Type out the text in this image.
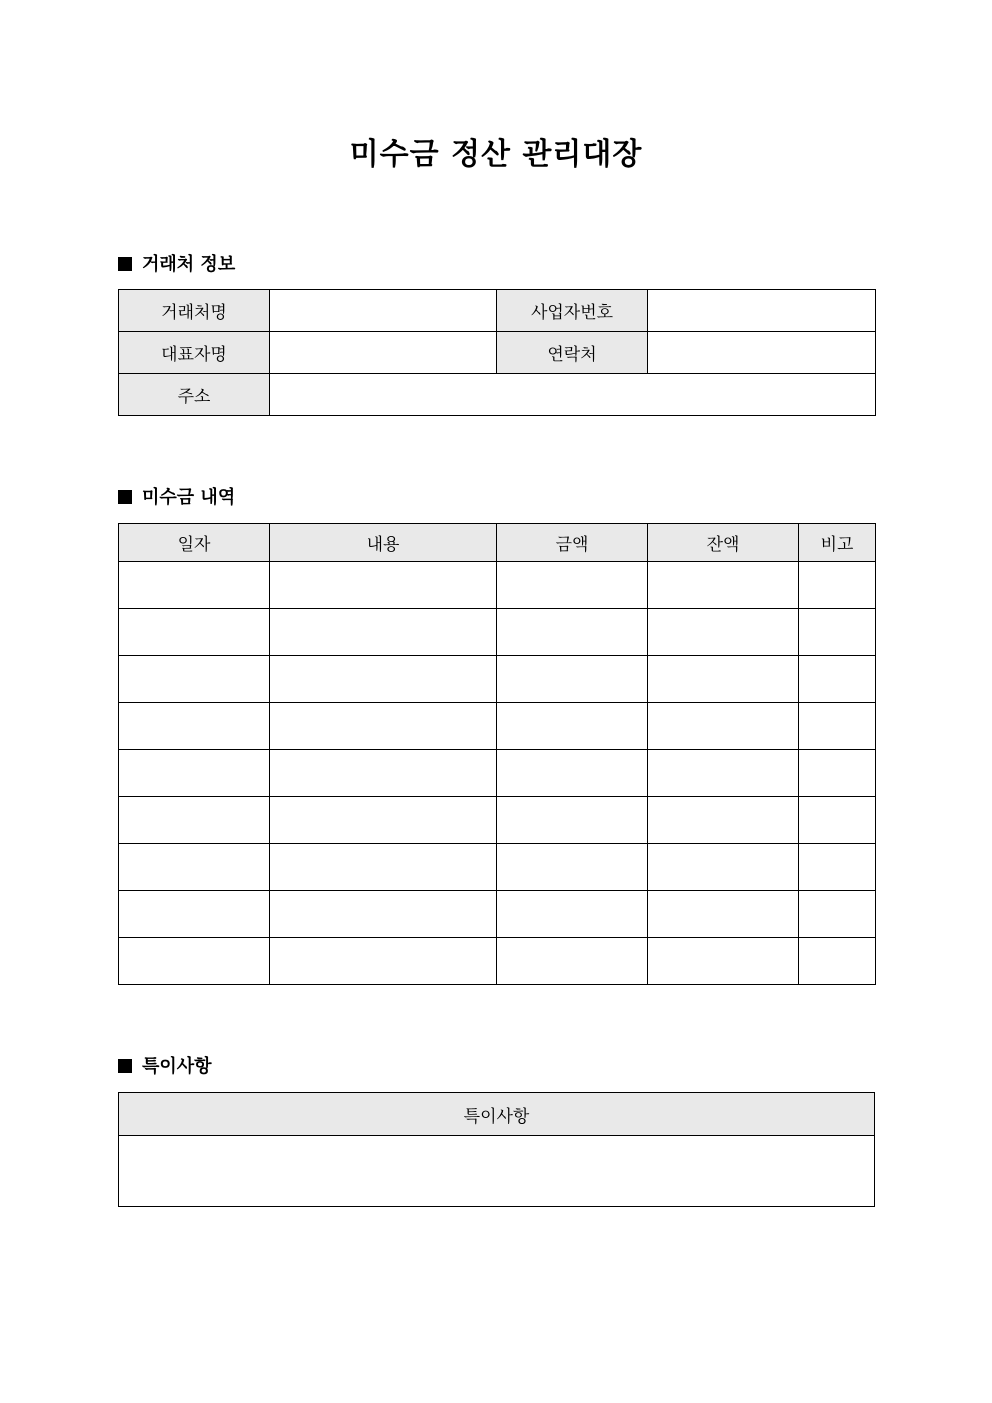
미수금 정산 관리대장
거래처 정보
거래처명		사업자번호	
대표자명		연락처	
주소			
미수금 내역
일자	내용	금액	잔액	비고

특이사항
특이사항
